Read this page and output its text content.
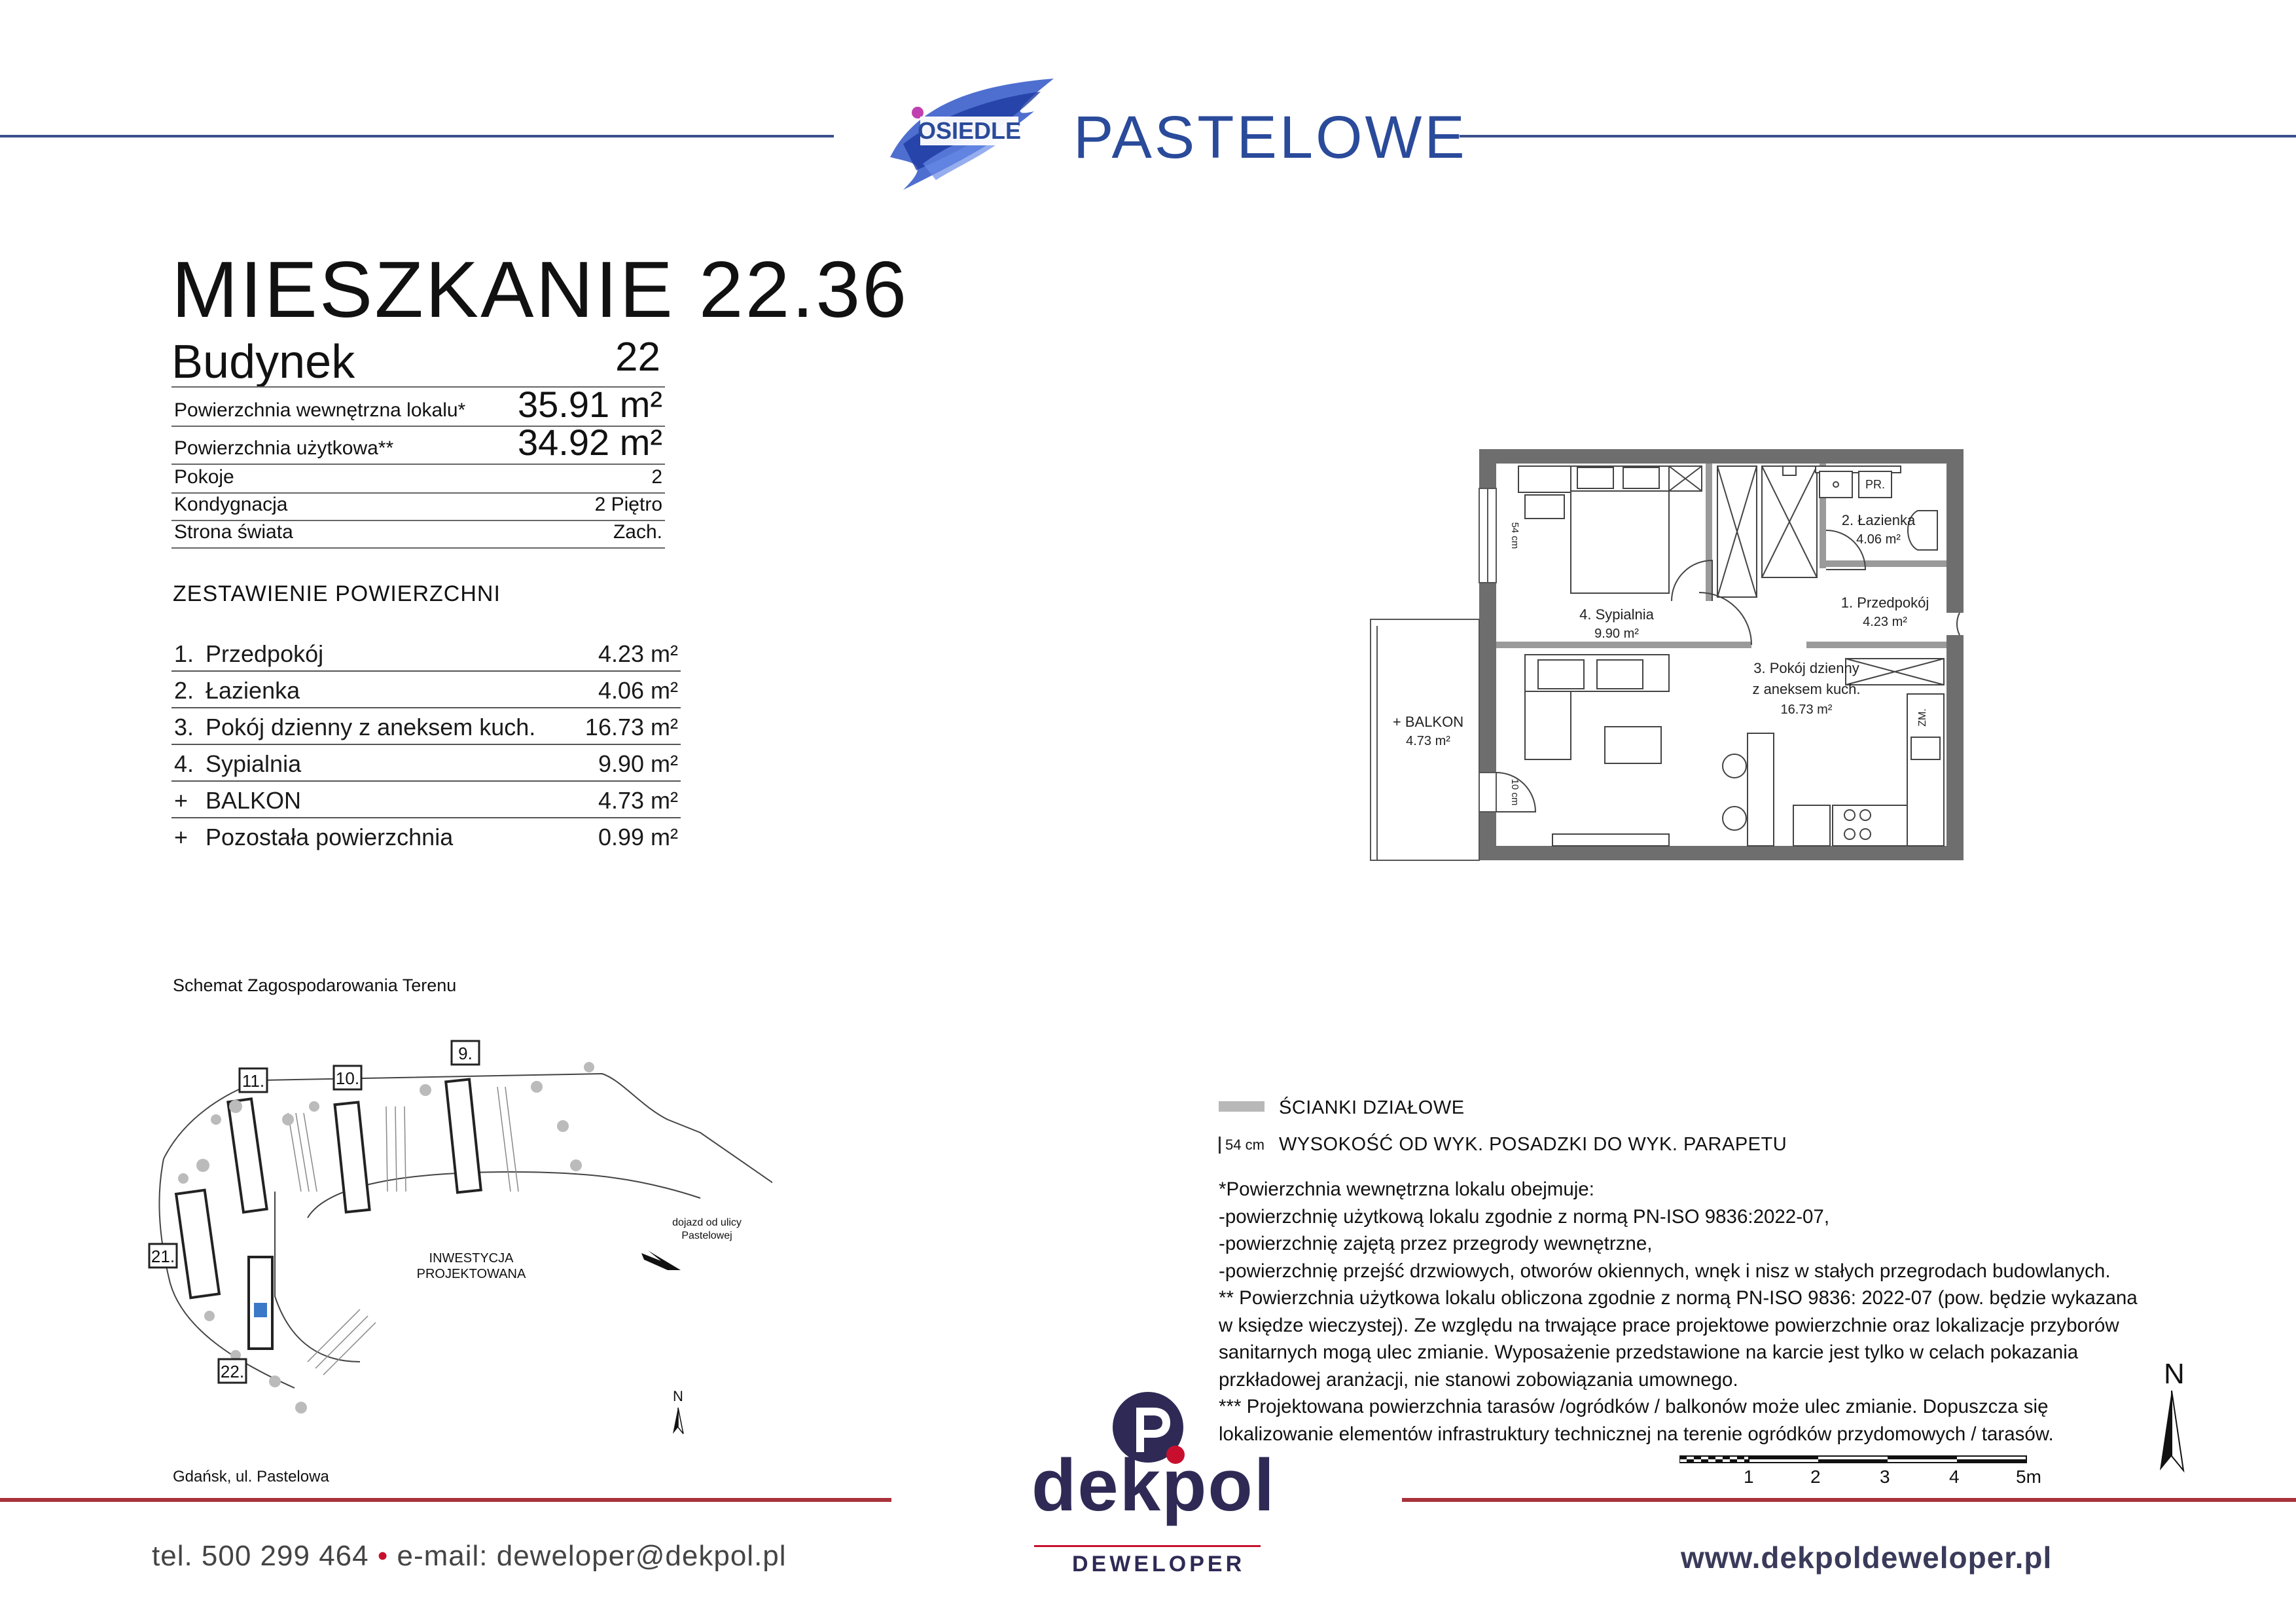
OSIEDLE PASTELOWE
MIESZKANIE 22.36
Budynek	22
Powierzchnia wewnętrzna lokalu* 35.91 m²
Powierzchnia użytkowa**	34.92 m²
Pokoje	2
Kondygnacja	2 Piętro
Strona świata	Zach.
ZESTAWIENIE POWIERZCHNI
1. Przedpokój	4.23 m²
2. Łazienka	4.06 m²
3. Pokój dzienny z aneksem kuch. 16.73 m²
4. Sypialnia	9.90 m²
+ BALKON	4.73 m²
+ Pozostała powierzchnia	0.99 m²
PR.
ZM.
2. Łazienka
4.06 m²
1. Przedpokój
4.23 m²
4. Sypialnia
9.90 m²
3. Pokój dzienny
z aneksem kuch.
16.73 m²
+ BALKON
4.73 m²
54 cm
10 cm
Schemat Zagospodarowania Terenu
9.
10.
11.
21.
22.
INWESTYCJA
PROJEKTOWANA
dojazd od ulicy
Pastelowej
N
Gdańsk, ul. Pastelowa
ŚCIANKI DZIAŁOWE
54 cm WYSOKOŚĆ OD WYK. POSADZKI DO WYK. PARAPETU
*Powierzchnia wewnętrzna lokalu obejmuje:
-powierzchnię użytkową lokalu zgodnie z normą PN-ISO 9836:2022-07,
-powierzchnię zajętą przez przegrody wewnętrzne,
-powierzchnię przejść drzwiowych, otworów okiennych, wnęk i nisz w stałych przegrodach budowlanych.
** Powierzchnia użytkowa lokalu obliczona zgodnie z normą PN-ISO 9836: 2022-07 (pow. będzie wykazana
w księdze wieczystej). Ze względu na trwające prace projektowe powierzchnie oraz lokalizacje przyborów
sanitarnych mogą ulec zmianie. Wyposażenie przedstawione na karcie jest tylko w celach pokazania
przkładowej aranżacji, nie stanowi zobowiązania umownego.
*** Projektowana powierzchnia tarasów /ogródków / balkonów może ulec zmianie. Dopuszcza się
lokalizowanie elementów infrastruktury technicznej na terenie ogródków przydomowych / tarasów.
N
1	2	3	4	5m
dekpol
DEWELOPER
tel. 500 299 464 • e-mail: deweloper@dekpol.pl	www.dekpoldeweloper.pl
